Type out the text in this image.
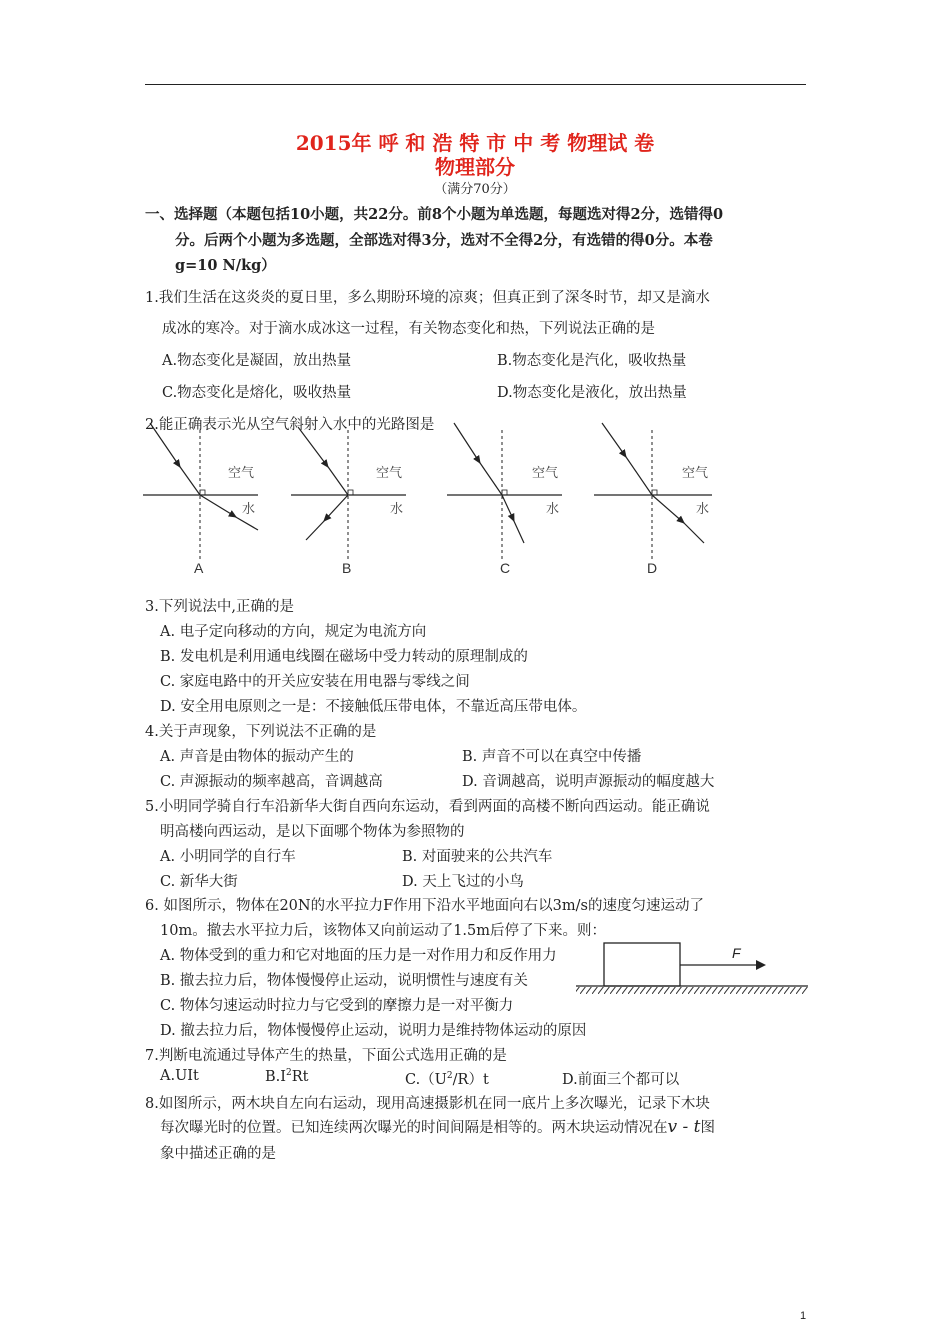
2015年 呼 和 浩 特 市 中 考 物理试 卷
物理部分
（满分70分）
一、选择题（本题包括10小题，共22分。前8个小题为单选题，每题选对得2分，选错得0
分。后两个小题为多选题，全部选对得3分，选对不全得2分，有选错的得0分。本卷
g=10 N/kg）
1.我们生活在这炎炎的夏日里，多么期盼环境的凉爽；但真正到了深冬时节，却又是滴水
成冰的寒冷。对于滴水成冰这一过程，有关物态变化和热，下列说法正确的是
A.物态变化是凝固，放出热量	B.物态变化是汽化，吸收热量
C.物态变化是熔化，吸收热量	D.物态变化是液化，放出热量
2.能正确表示光从空气斜射入水中的光路图是
空气
水
A
空气
水
B
空气
水
C
空气
水
D
3.下列说法中,正确的是
A. 电子定向移动的方向，规定为电流方向
B. 发电机是利用通电线圈在磁场中受力转动的原理制成的
C. 家庭电路中的开关应安装在用电器与零线之间
D. 安全用电原则之一是：不接触低压带电体，不靠近高压带电体。
4.关于声现象，下列说法不正确的是
A. 声音是由物体的振动产生的	B. 声音不可以在真空中传播
C. 声源振动的频率越高，音调越高	D. 音调越高，说明声源振动的幅度越大
5.小明同学骑自行车沿新华大街自西向东运动，看到两面的高楼不断向西运动。能正确说
明高楼向西运动，是以下面哪个物体为参照物的
A. 小明同学的自行车	B. 对面驶来的公共汽车
C. 新华大街	D. 天上飞过的小鸟
6. 如图所示，物体在20N的水平拉力F作用下沿水平地面向右以3m/s的速度匀速运动了
10m。撤去水平拉力后，该物体又向前运动了1.5m后停了下来。则：
F
A. 物体受到的重力和它对地面的压力是一对作用力和反作用力
B. 撤去拉力后，物体慢慢停止运动，说明惯性与速度有关
C. 物体匀速运动时拉力与它受到的摩擦力是一对平衡力
D. 撤去拉力后，物体慢慢停止运动，说明力是维持物体运动的原因
7.判断电流通过导体产生的热量，下面公式选用正确的是
A.UIt	$B.I^2Rt$	$C.(U^2/R)t$	D.前面三个都可以
8.如图所示，两木块自左向右运动，现用高速摄影机在同一底片上多次曝光，记录下木块
每次曝光时的位置。已知连续两次曝光的时间间隔是相等的。两木块运动情况在v - t图
象中描述正确的是
1
